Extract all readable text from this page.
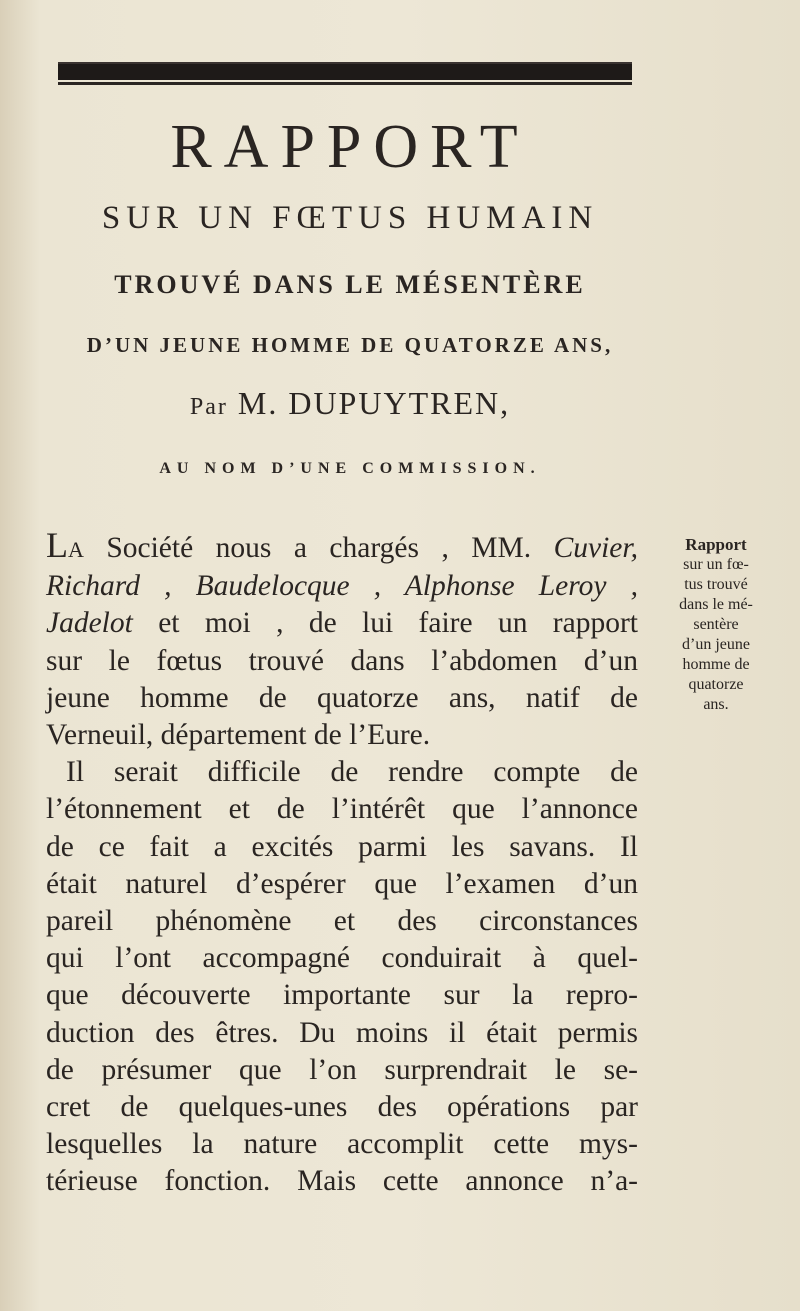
RAPPORT

SUR UN FŒTUS HUMAIN

TROUVÉ DANS LE MÉSENTÈRE

D’UN JEUNE HOMME DE QUATORZE ANS,

Par M. DUPUYTREN,

AU NOM D’UNE COMMISSION.

LA Société nous a chargés , MM. Cuvier,
Richard , Baudelocque , Alphonse Leroy ,
Jadelot et moi , de lui faire un rapport
sur le fœtus trouvé dans l’abdomen d’un
jeune homme de quatorze ans, natif de
Verneuil, département de l’Eure.
Il serait difficile de rendre compte de
l’étonnement et de l’intérêt que l’annonce
de ce fait a excités parmi les savans. Il
était naturel d’espérer que l’examen d’un
pareil phénomène et des circonstances
qui l’ont accompagné conduirait à quel-
que découverte importante sur la repro-
duction des êtres. Du moins il était permis
de présumer que l’on surprendrait le se-
cret de quelques-unes des opérations par
lesquelles la nature accomplit cette mys-
térieuse fonction. Mais cette annonce n’a-
Rapport
sur un fœ-
tus trouvé
dans le mé-
sentère
d’un jeune
homme de
quatorze
ans.
